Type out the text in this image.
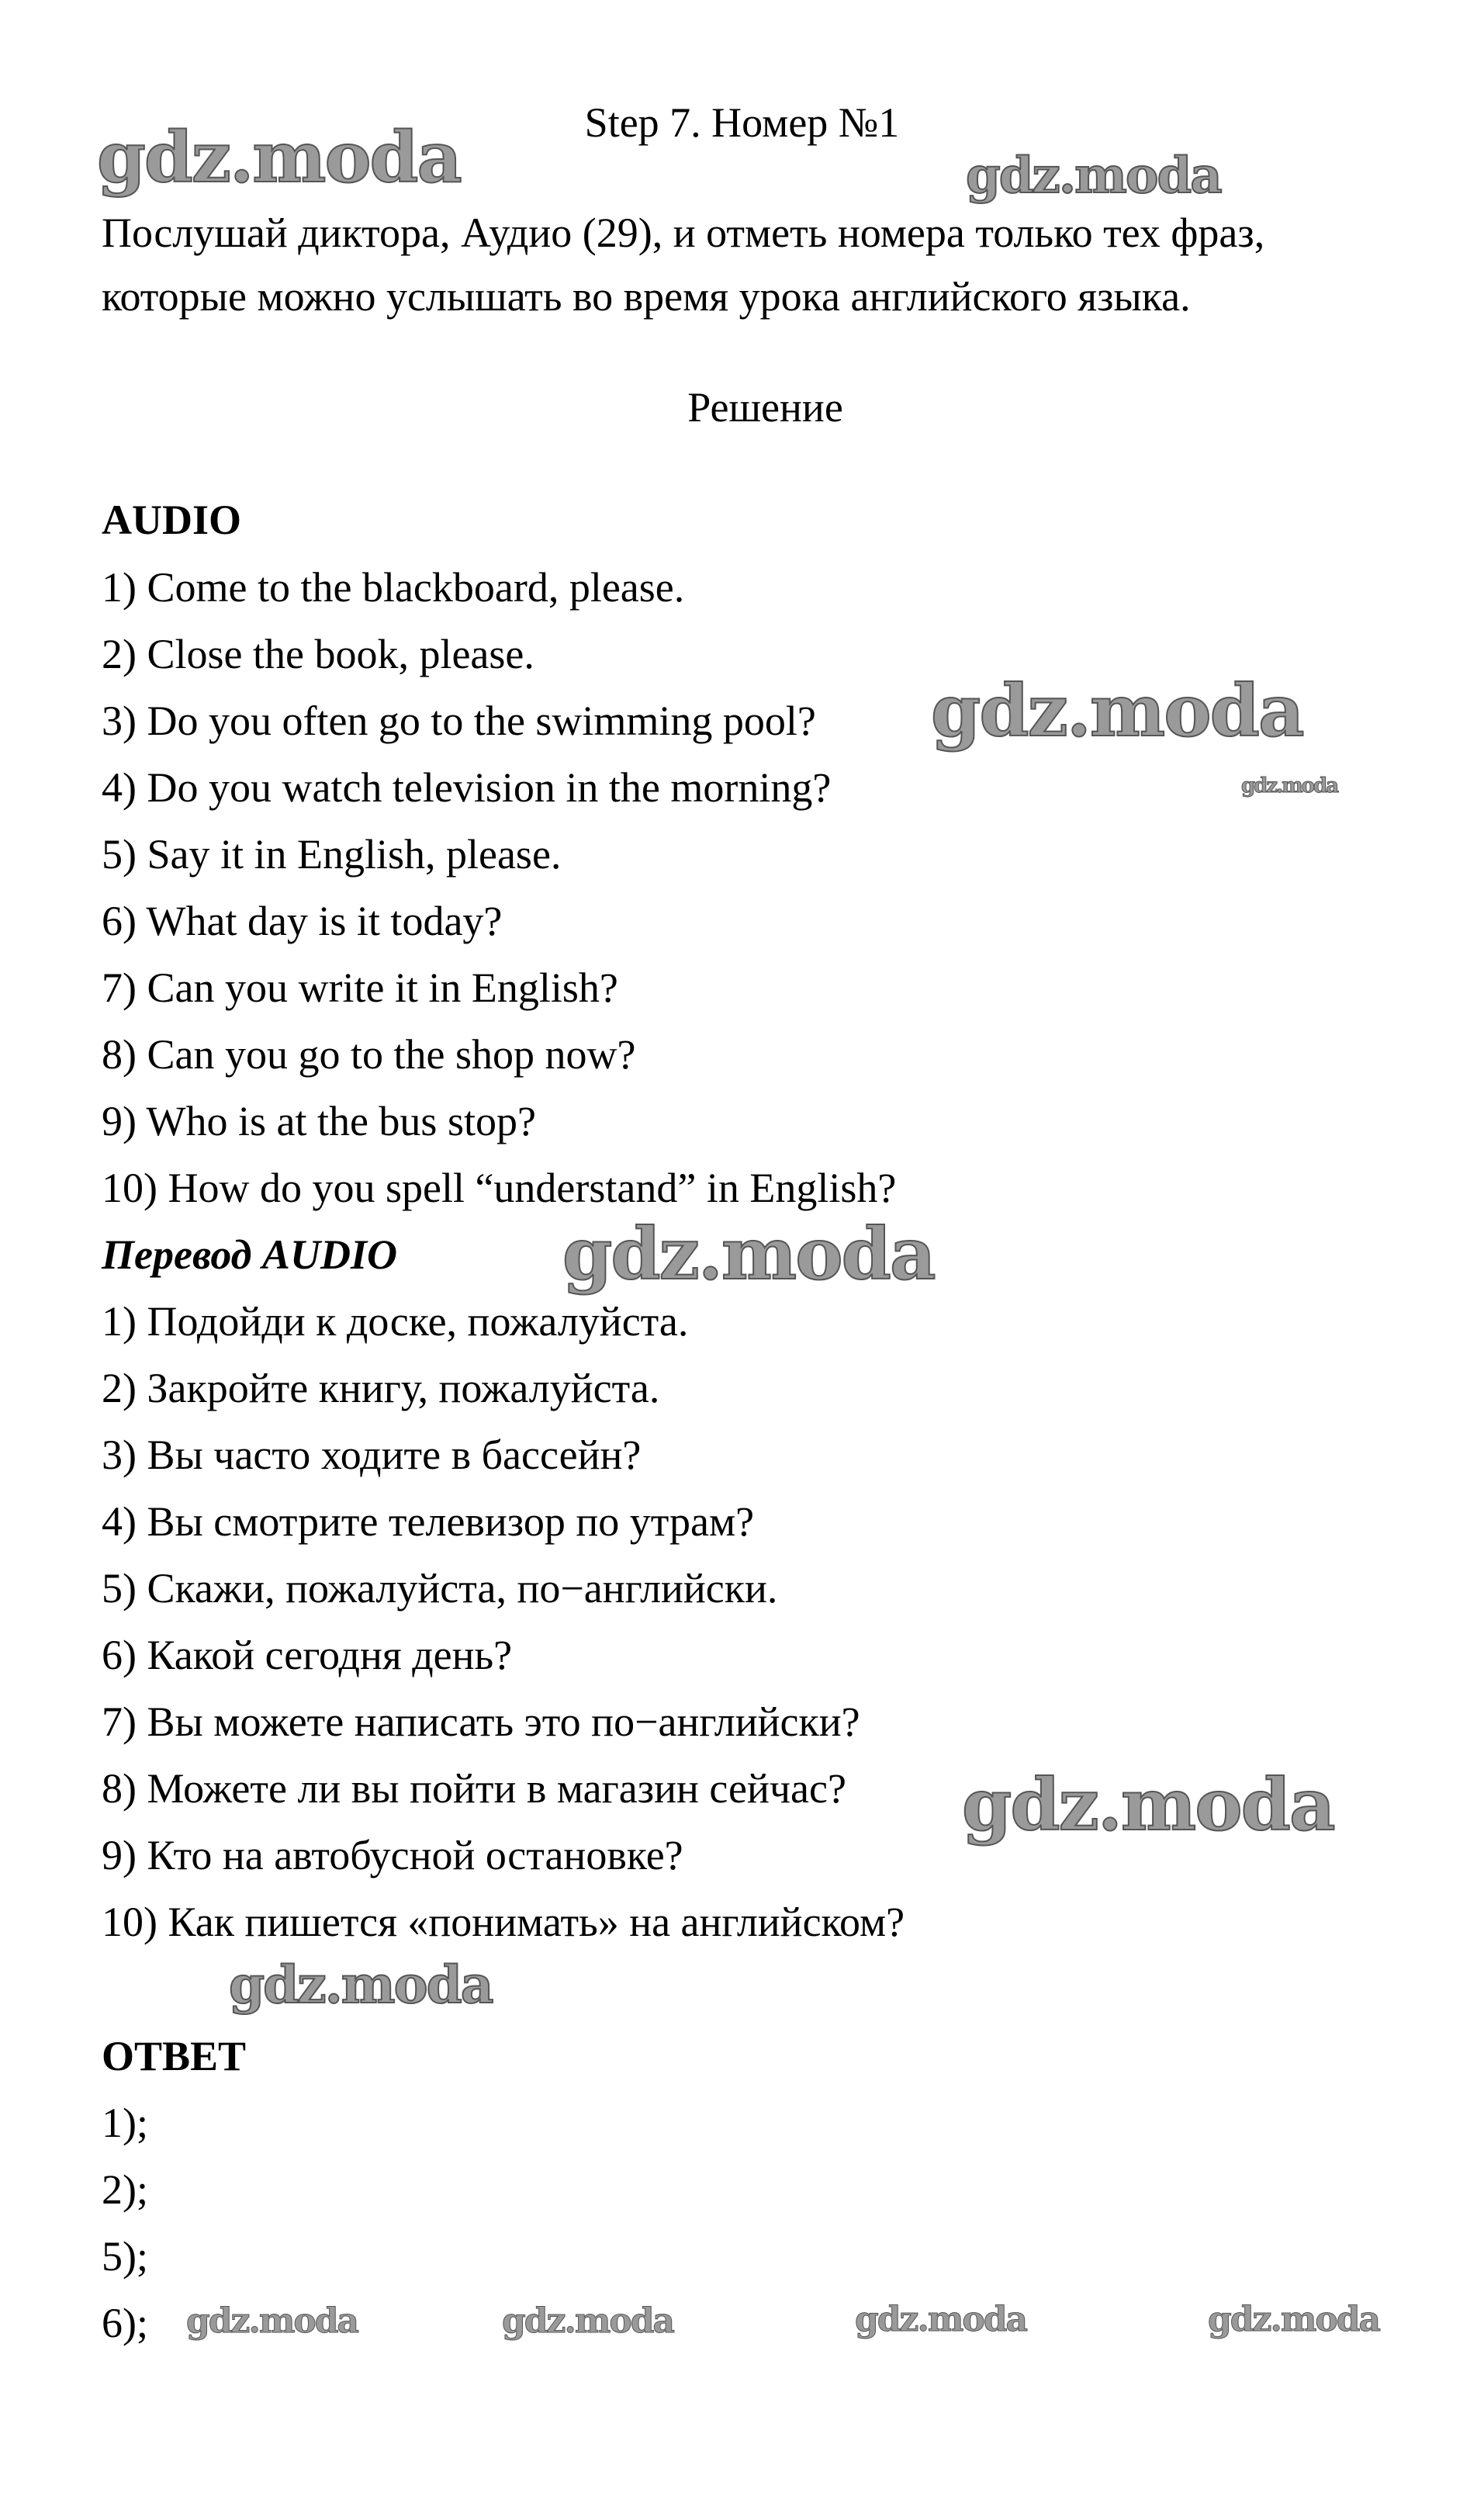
Step 7. Номер №1
Послушай диктора, Аудио (29), и отметь номера только тех фраз,
которые можно услышать во время урока английского языка.
Решение
AUDIO
1) Come to the blackboard, please.
2) Close the book, please.
3) Do you often go to the swimming pool?
4) Do you watch television in the morning?
5) Say it in English, please.
6) What day is it today?
7) Can you write it in English?
8) Can you go to the shop now?
9) Who is at the bus stop?
10) How do you spell “understand” in English?
Перевод AUDIO
1) Подойди к доске, пожалуйста.
2) Закройте книгу, пожалуйста.
3) Вы часто ходите в бассейн?
4) Вы смотрите телевизор по утрам?
5) Скажи, пожалуйста, по−английски.
6) Какой сегодня день?
7) Вы можете написать это по−английски?
8) Можете ли вы пойти в магазин сейчас?
9) Кто на автобусной остановке?
10) Как пишется «понимать» на английском?
ОТВЕТ
1);
2);
5);
6);
gdz.moda	gdz.moda
gdz.moda
gdz.moda
gdz.moda
gdz.moda
gdz.moda
gdz.moda	gdz.moda	gdz.moda	gdz.moda
